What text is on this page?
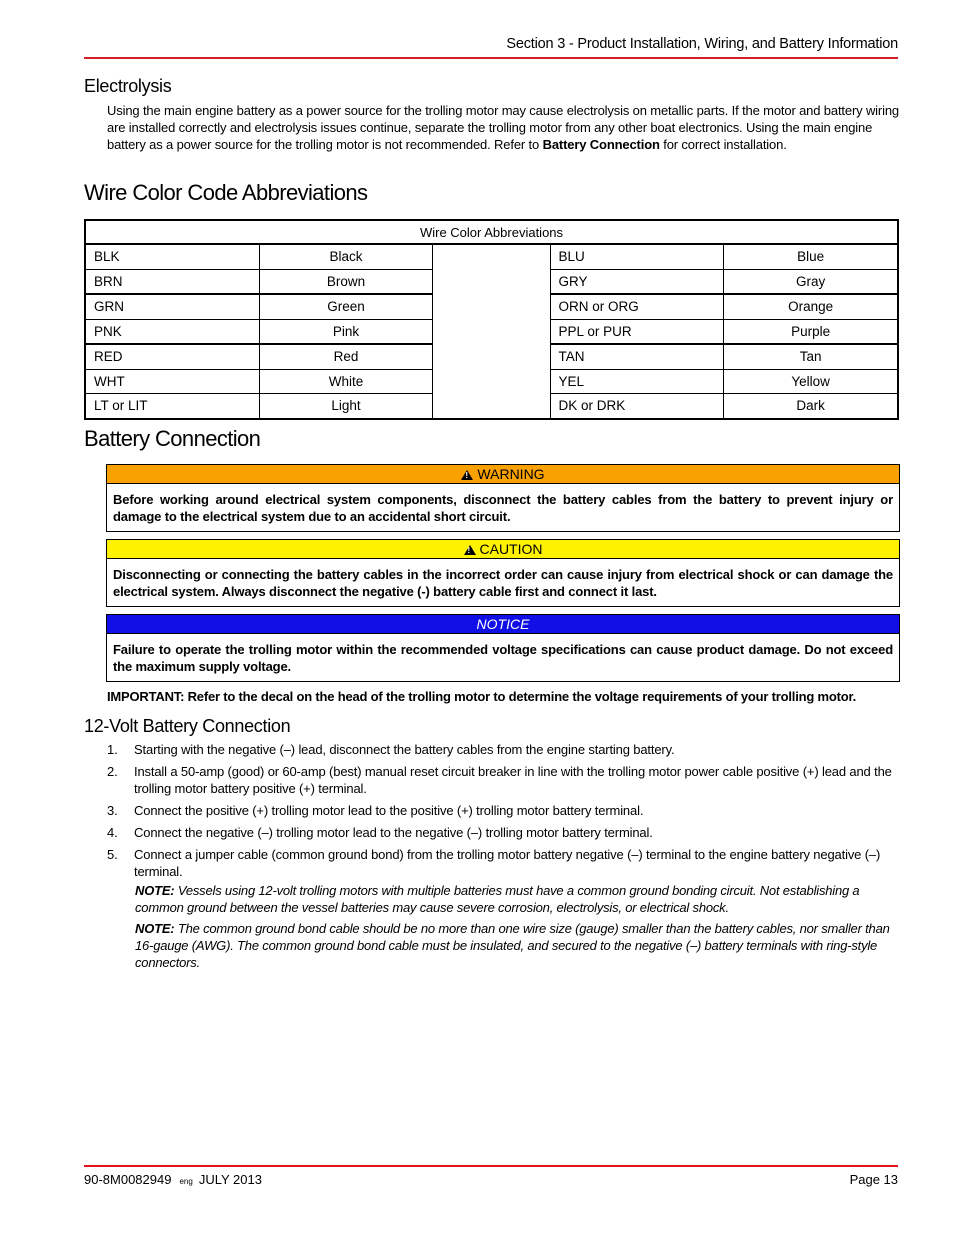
Section 3 - Product Installation, Wiring, and Battery Information
Electrolysis
Using the main engine battery as a power source for the trolling motor may cause electrolysis on metallic parts. If the motor and battery wiring are installed correctly and electrolysis issues continue, separate the trolling motor from any other boat electronics. Using the main engine battery as a power source for the trolling motor is not recommended. Refer to Battery Connection for correct installation.
Wire Color Code Abbreviations
Wire Color Abbreviations				
BLK	Black		BLU	Blue
BRN	Brown		GRY	Gray
GRN	Green		ORN or ORG	Orange
PNK	Pink		PPL or PUR	Purple
RED	Red		TAN	Tan
WHT	White		YEL	Yellow
LT or LIT	Light		DK or DRK	Dark
Battery Connection
!WARNING
Before working around electrical system components, disconnect the battery cables from the battery to prevent injury or damage to the electrical system due to an accidental short circuit.
!CAUTION
Disconnecting or connecting the battery cables in the incorrect order can cause injury from electrical shock or can damage the electrical system. Always disconnect the negative (-) battery cable first and connect it last.
NOTICE
Failure to operate the trolling motor within the recommended voltage specifications can cause product damage. Do not exceed the maximum supply voltage.
IMPORTANT: Refer to the decal on the head of the trolling motor to determine the voltage requirements of your trolling motor.
12-Volt Battery Connection
1. Starting with the negative (–) lead, disconnect the battery cables from the engine starting battery.
2. Install a 50-amp (good) or 60-amp (best) manual reset circuit breaker in line with the trolling motor power cable positive (+) lead and the trolling motor battery positive (+) terminal.
3. Connect the positive (+) trolling motor lead to the positive (+) trolling motor battery terminal.
4. Connect the negative (–) trolling motor lead to the negative (–) trolling motor battery terminal.
5. Connect a jumper cable (common ground bond) from the trolling motor battery negative (–) terminal to the engine battery negative (–) terminal.
NOTE: Vessels using 12-volt trolling motors with multiple batteries must have a common ground bonding circuit. Not establishing a common ground between the vessel batteries may cause severe corrosion, electrolysis, or electrical shock.
NOTE: The common ground bond cable should be no more than one wire size (gauge) smaller than the battery cables, nor smaller than 16-gauge (AWG). The common ground bond cable must be insulated, and secured to the negative (–) battery terminals with ring-style connectors.
90-8M0082949 eng JULY 2013	Page 13
